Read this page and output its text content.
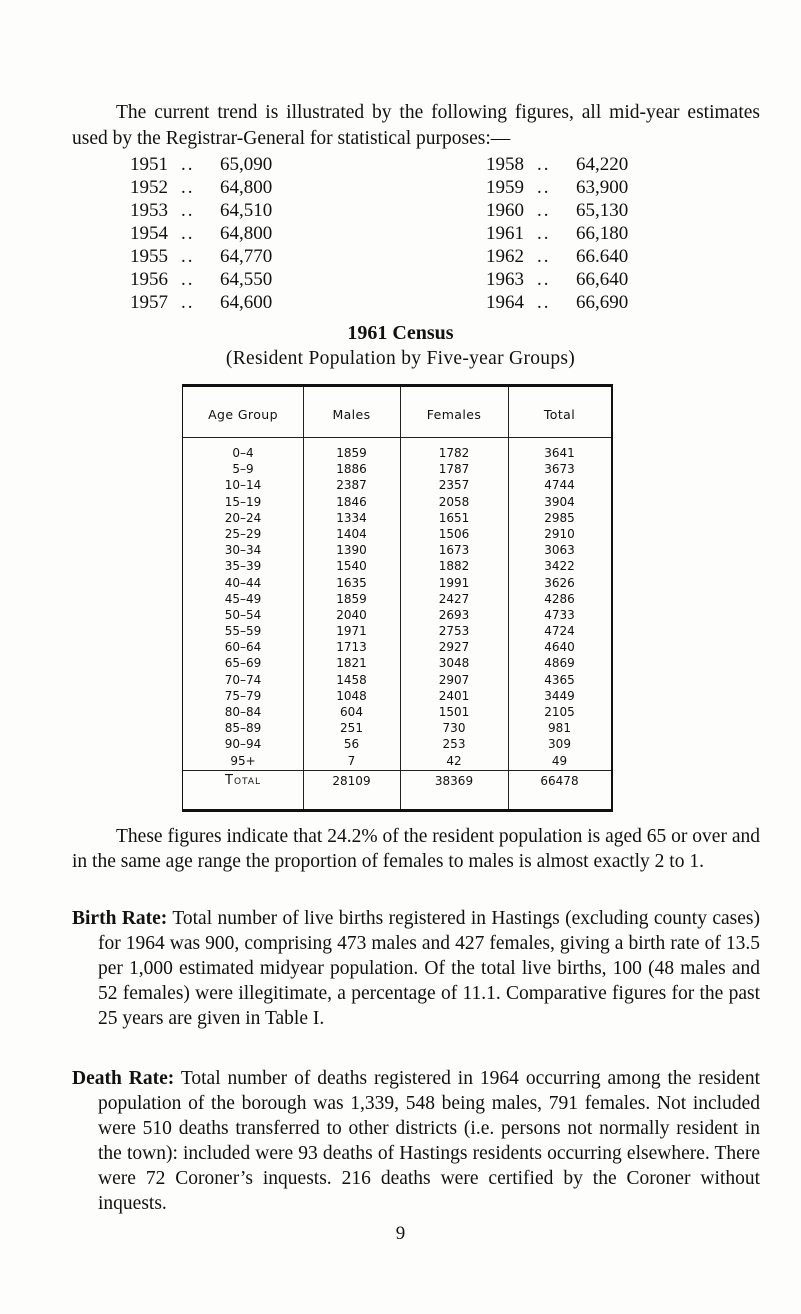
The current trend is illustrated by the following figures, all mid-year estimates used by the Registrar-General for statistical purposes:—
1951 .. 65,090
1952 .. 64,800
1953 .. 64,510
1954 .. 64,800
1955 .. 64,770
1956 .. 64,550
1957 .. 64,600
1958 .. 64,220
1959 .. 63,900
1960 .. 65,130
1961 .. 66,180
1962 .. 66.640
1963 .. 66,640
1964 .. 66,690
1961 Census
(Resident Population by Five-year Groups)
Age Group	Males	Females	Total
0–4	1859	1782	3641
5–9	1886	1787	3673
10–14	2387	2357	4744
15–19	1846	2058	3904
20–24	1334	1651	2985
25–29	1404	1506	2910
30–34	1390	1673	3063
35–39	1540	1882	3422
40–44	1635	1991	3626
45–49	1859	2427	4286
50–54	2040	2693	4733
55–59	1971	2753	4724
60–64	1713	2927	4640
65–69	1821	3048	4869
70–74	1458	2907	4365
75–79	1048	2401	3449
80–84	604	1501	2105
85–89	251	730	981
90–94	56	253	309
95+	7	42	49
Total	28109	38369	66478
These figures indicate that 24.2% of the resident population is aged 65 or over and in the same age range the proportion of females to males is almost exactly 2 to 1.
Birth Rate: Total number of live births registered in Hastings (excluding county cases) for 1964 was 900, comprising 473 males and 427 females, giving a birth rate of 13.5 per 1,000 estimated midyear population. Of the total live births, 100 (48 males and 52 females) were illegitimate, a percentage of 11.1. Comparative figures for the past 25 years are given in Table I.
Death Rate: Total number of deaths registered in 1964 occurring among the resident population of the borough was 1,339, 548 being males, 791 females. Not included were 510 deaths transferred to other districts (i.e. persons not normally resident in the town): included were 93 deaths of Hastings residents occurring elsewhere. There were 72 Coroner’s inquests. 216 deaths were certified by the Coroner without inquests.
9
